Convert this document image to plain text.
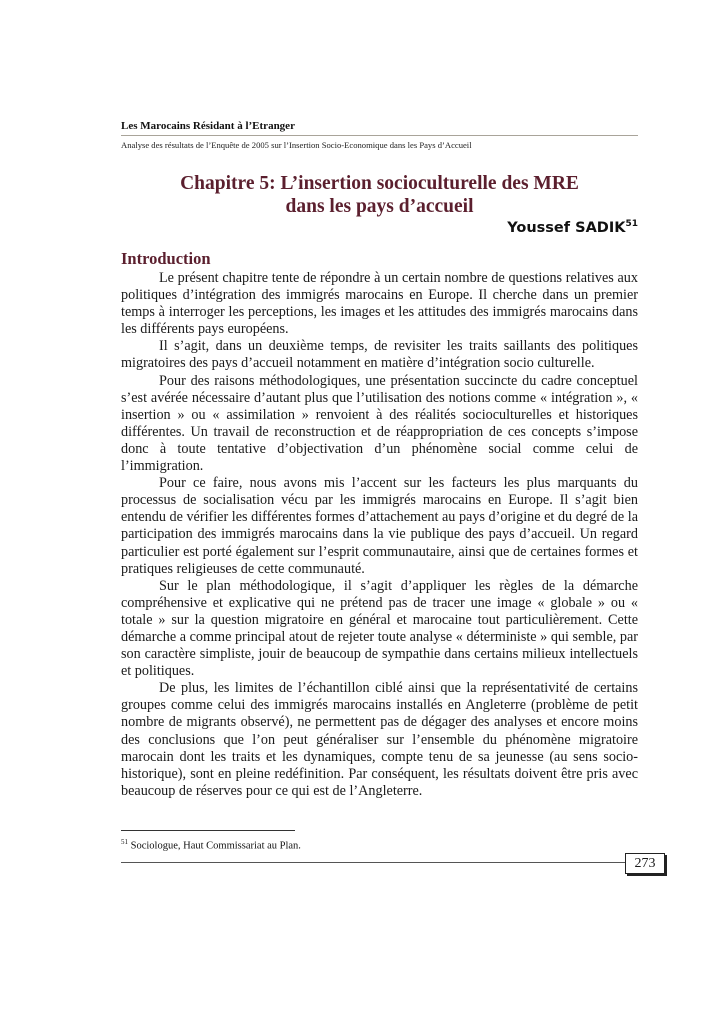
Les Marocains Résidant à l’Etranger
Analyse des résultats de l’Enquête de 2005 sur l’Insertion Socio-Economique dans les Pays d’Accueil
Chapitre 5: L’insertion socioculturelle des MRE
dans les pays d’accueil
Youssef SADIK$^{51}$
Introduction

Le présent chapitre tente de répondre à un certain nombre de questions relatives aux politiques d’intégration des immigrés marocains en Europe. Il cherche dans un premier temps à interroger les perceptions, les images et les attitudes des immigrés marocains dans les différents pays européens.

Il s’agit, dans un deuxième temps, de revisiter les traits saillants des politiques migratoires des pays d’accueil notamment en matière d’intégration socio culturelle.

Pour des raisons méthodologiques, une présentation succincte du cadre conceptuel s’est avérée nécessaire d’autant plus que l’utilisation des notions comme « intégration », « insertion » ou « assimilation » renvoient à des réalités socioculturelles et historiques différentes. Un travail de reconstruction et de réappropriation de ces concepts s’impose donc à toute tentative d’objectivation d’un phénomène social comme celui de l’immigration.

Pour ce faire, nous avons mis l’accent sur les facteurs les plus marquants du processus de socialisation vécu par les immigrés marocains en Europe. Il s’agit bien entendu de vérifier les différentes formes d’attachement au pays d’origine et du degré de la participation des immigrés marocains dans la vie publique des pays d’accueil. Un regard particulier est porté également sur l’esprit communautaire, ainsi que de certaines formes et pratiques religieuses de cette communauté.

Sur le plan méthodologique, il s’agit d’appliquer les règles de la démarche compréhensive et explicative qui ne prétend pas de tracer une image « globale » ou « totale » sur la question migratoire en général et marocaine tout particulièrement. Cette démarche a comme principal atout de rejeter toute analyse « déterministe » qui semble, par son caractère simpliste, jouir de beaucoup de sympathie dans certains milieux intellectuels et politiques.

De plus, les limites de l’échantillon ciblé ainsi que la représentativité de certains groupes comme celui des immigrés marocains installés en Angleterre (problème de petit nombre de migrants observé), ne permettent pas de dégager des analyses et encore moins des conclusions que l’on peut généraliser sur l’ensemble du phénomène migratoire marocain dont les traits et les dynamiques, compte tenu de sa jeunesse (au sens socio-historique), sont en pleine redéfinition. Par conséquent, les résultats doivent être pris avec beaucoup de réserves pour ce qui est de l’Angleterre.

$^{51}$ Sociologue, Haut Commissariat au Plan.
273
